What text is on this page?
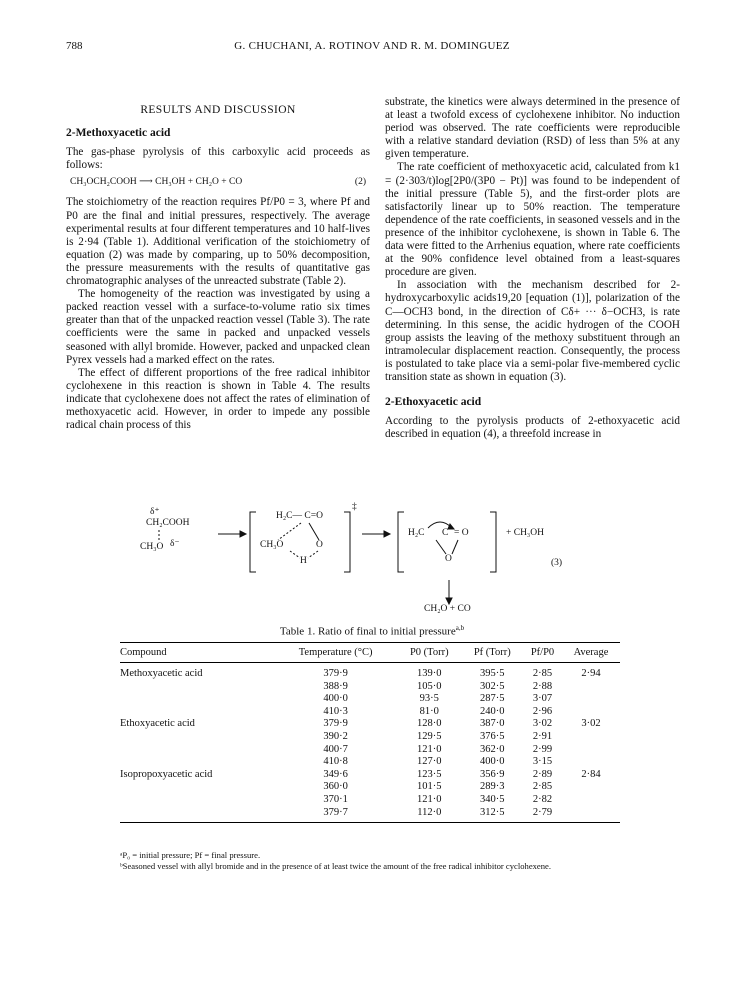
788	G. CHUCHANI, A. ROTINOV AND R. M. DOMINGUEZ

RESULTS AND DISCUSSION

2-Methoxyacetic acid

The gas-phase pyrolysis of this carboxylic acid proceeds as follows:

CH₃OCH₂COOH ⟶ CH₃OH + CH₂O + CO	(2)

The stoichiometry of the reaction requires Pf/P0 = 3, where Pf and P0 are the final and initial pressures, respectively. The average experimental results at four different temperatures and 10 half-lives is 2·94 (Table 1). Additional verification of the stoichiometry of equation (2) was made by comparing, up to 50% decomposition, the pressure measurements with the results of quantitative gas chromatographic analyses of the unreacted substrate (Table 2).

The homogeneity of the reaction was investigated by using a packed reaction vessel with a surface-to-volume ratio six times greater than that of the unpacked reaction vessel (Table 3). The rate coefficients were the same in packed and unpacked vessels seasoned with allyl bromide. However, packed and unpacked clean Pyrex vessels had a marked effect on the rates.

The effect of different proportions of the free radical inhibitor cyclohexene in this reaction is shown in Table 4. The results indicate that cyclohexene does not affect the rates of elimination of methoxyacetic acid. However, in order to impede any possible radical chain process of this

substrate, the kinetics were always determined in the presence of at least a twofold excess of cyclohexene inhibitor. No induction period was observed. The rate coefficients were reproducible with a relative standard deviation (RSD) of less than 5% at any given temperature.

The rate coefficient of methoxyacetic acid, calculated from k1 = (2·303/t)log[2P0/(3P0 − Pt)] was found to be independent of the initial pressure (Table 5), and the first-order plots are satisfactorily linear up to 50% reaction. The temperature dependence of the rate coefficients, in seasoned vessels and in the presence of the inhibitor cyclohexene, is shown in Table 6. The data were fitted to the Arrhenius equation, where rate coefficients at the 90% confidence level obtained from a least-squares procedure are given.

In association with the mechanism described for 2-hydroxycarboxylic acids19,20 [equation (1)], polarization of the C—OCH3 bond, in the direction of Cδ+ ··· δ−OCH3, is rate determining. In this sense, the acidic hydrogen of the COOH group assists the leaving of the methoxy substituent through an intramolecular displacement reaction. Consequently, the process is postulated to take place via a semi-polar five-membered cyclic transition state as shown in equation (3).

2-Ethoxyacetic acid

According to the pyrolysis products of 2-ethoxyacetic acid described in equation (4), a threefold increase in

δ⁺
CH₂COOH
CH₃O δ⁻
H₂C— C=O
‡
CH₃O	O
H
H₂C C = O
O
+ CH₃OH
(3)
CH₂O + CO
Table 1. Ratio of final to initial pressure$^{a,b}$
Compound	Temperature (°C)	P0 (Torr)	Pf (Torr)	Pf/P0	Average
Methoxyacetic acid	379·9	139·0	395·5	2·85	2·94
	388·9	105·0	302·5	2·88	
	400·0	93·5	287·5	3·07	
	410·3	81·0	240·0	2·96	
Ethoxyacetic acid	379·9	128·0	387·0	3·02	3·02
	390·2	129·5	376·5	2·91	
	400·7	121·0	362·0	2·99	
	410·8	127·0	400·0	3·15	
Isopropoxyacetic acid	349·6	123·5	356·9	2·89	2·84
	360·0	101·5	289·3	2·85	
	370·1	121·0	340·5	2·82	
	379·7	112·0	312·5	2·79	
ᵃP₀ = initial pressure; Pf = final pressure.
ᵇSeasoned vessel with allyl bromide and in the presence of at least twice the amount of the free radical inhibitor cyclohexene.
